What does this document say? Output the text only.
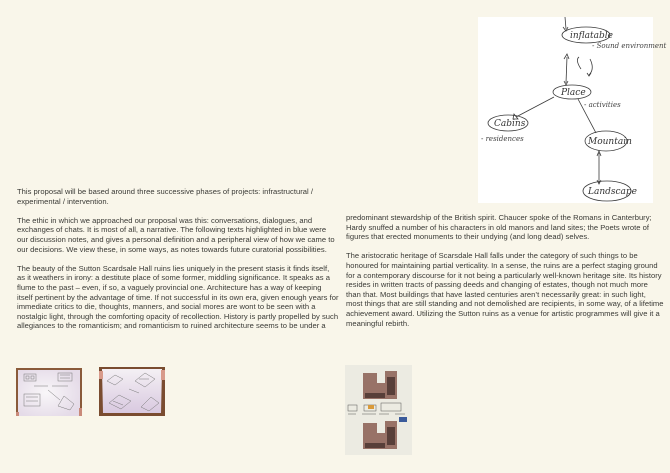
This proposal will be based around three successive phases of projects: infrastructural / experimental / intervention.

The ethic in which we approached our proposal was this: conversations, dialogues, and exchanges of chats. It is most of all, a narrative. The following texts highlighted in blue were our discussion notes, and gives a personal definition and a peripheral view of how we came to our decisions. We view these, in some ways, as notes towards future curatorial possibilities.

The beauty of the Sutton Scardsale Hall ruins lies uniquely in the present stasis it finds itself, as it weathers in irony: a destitute place of some former, middling significance. It speaks as a flume to the past – even, if so, a vaguely provincial one. Architecture has a way of keeping itself pertinent by the advantage of time. If not successful in its own era, given enough years for immediate critics to die, thoughts, manners, and social mores are wont to be seen with a nostalgic light, through the comforting opacity of recollection. History is partly propelled by such allegiances to the romanticism; and romanticism to ruined architecture seems to be under a

predominant stewardship of the British spirit. Chaucer spoke of the Romans in Canterbury; Hardy snuffed a number of his characters in old manors and land sites; the Poets wrote of figures that erected monuments to their undying (and long dead) selves.

The aristocratic heritage of Scarsdale Hall falls under the category of such things to be honoured for maintaining partial verticality. In a sense, the ruins are a perfect staging ground for a contemporary discourse for it not being a particularly well-known heritage site. Its history resides in written tracts of passing deeds and changing of estates, though not much more than that. Most buildings that have lasted centuries aren’t necessarily great: in such light, most things that are still standing and not demolished are recipients, in some way, of a lifetime achievement award. Utilizing the Sutton ruins as a venue for artistic programmes will give it a meaningful rebirth.

inflatable
- Sound environment
Place
- activities
Cabins
- residences	Mountain
Landscape
